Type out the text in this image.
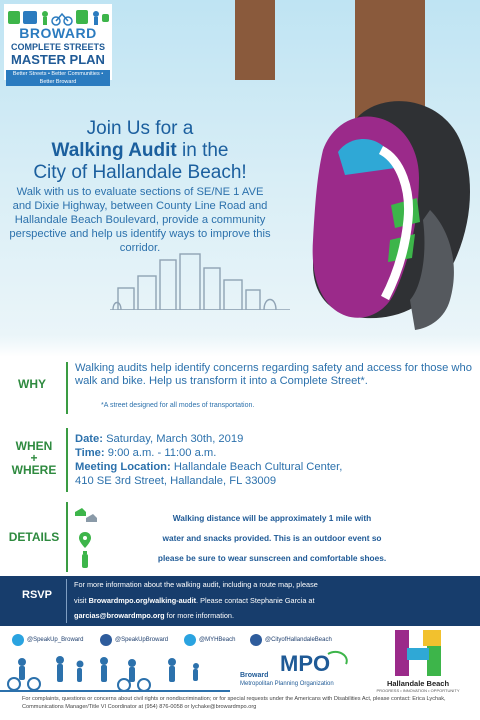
BROWARD
COMPLETE STREETS
MASTER PLAN
Better Streets • Better Communities • Better Broward
Join Us for a
Walking Audit in the
City of Hallandale Beach!
Walk with us to evaluate sections of SE/NE 1 AVE and Dixie Highway, between County Line Road and Hallandale Beach Boulevard, provide a community perspective and help us identify ways to improve this corridor.
WHY
Walking audits help identify concerns regarding safety and access for those who walk and bike. Help us transform it into a Complete Street*.
*A street designed for all modes of transportation.
WHEN
+
WHERE
Date: Saturday, March 30th, 2019
Time: 9:00 a.m. - 11:00 a.m.
Meeting Location: Hallandale Beach Cultural Center,
410 SE 3rd Street, Hallandale, FL 33009
DETAILS
Walking distance will be approximately 1 mile with
water and snacks provided. This is an outdoor event so
please be sure to wear sunscreen and comfortable shoes.
RSVP
For more information about the walking audit, including a route map, please
visit Browardmpo.org/walking-audit. Please contact Stephanie Garcia at
garcias@browardmpo.org for more information.
@SpeakUp_Broward	@SpeakUpBroward	@MYHBeach	@CityofHallandaleBeach
MPO
Broward
Metropolitan Planning Organization	Hallandale Beach
PROGRESS • INNOVATION • OPPORTUNITY
For complaints, questions or concerns about civil rights or nondiscrimination; or for special requests under the Americans with Disabilities Act, please contact: Erica Lychak, Communications Manager/Title VI Coordinator at (954) 876-0058 or lychake@browardmpo.org
